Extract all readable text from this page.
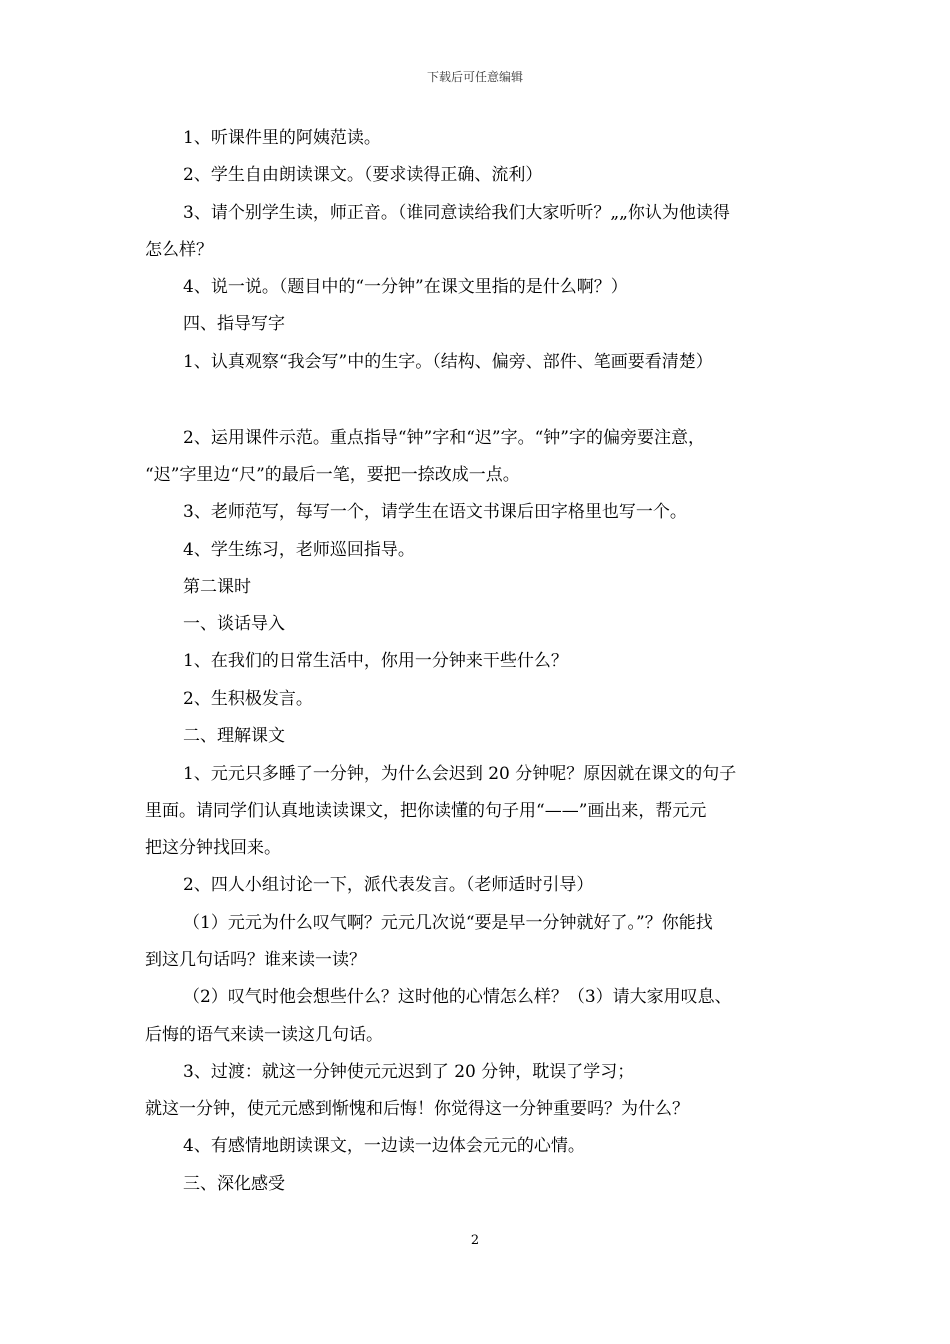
下载后可任意编辑
1、听课件里的阿姨范读。
2、学生自由朗读课文。（要求读得正确、流利）
3、请个别学生读，师正音。（谁同意读给我们大家听听？„„你认为他读得
怎么样？
4、说一说。（题目中的“一分钟”在课文里指的是什么啊？）
四、指导写字
1、认真观察“我会写”中的生字。（结构、偏旁、部件、笔画要看清楚）
2、运用课件示范。重点指导“钟”字和“迟”字。“钟”字的偏旁要注意，
“迟”字里边“尺”的最后一笔，要把一捺改成一点。
3、老师范写，每写一个，请学生在语文书课后田字格里也写一个。
4、学生练习，老师巡回指导。
第二课时
一、谈话导入
1、在我们的日常生活中，你用一分钟来干些什么？
2、生积极发言。
二、理解课文
1、元元只多睡了一分钟，为什么会迟到 20 分钟呢？原因就在课文的句子
里面。请同学们认真地读读课文，把你读懂的句子用“——”画出来，帮元元
把这分钟找回来。
2、四人小组讨论一下，派代表发言。（老师适时引导）
（1）元元为什么叹气啊？元元几次说“要是早一分钟就好了。”？你能找
到这几句话吗？谁来读一读？
（2）叹气时他会想些什么？这时他的心情怎么样？（3）请大家用叹息、
后悔的语气来读一读这几句话。
3、过渡：就这一分钟使元元迟到了 20 分钟，耽误了学习；
就这一分钟，使元元感到惭愧和后悔！你觉得这一分钟重要吗？为什么？
4、有感情地朗读课文，一边读一边体会元元的心情。
三、深化感受
2
